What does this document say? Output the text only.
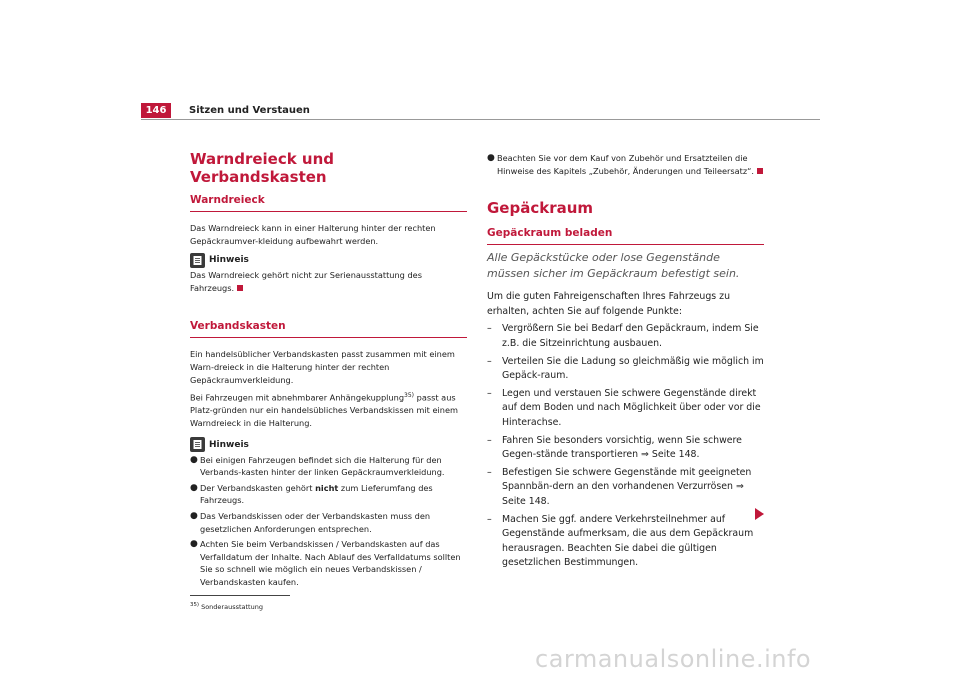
146	Sitzen und Verstauen
Warndreieck und Verbandskasten
Warndreieck

Das Warndreieck kann in einer Halterung hinter der rechten Gepäckraumver-kleidung aufbewahrt werden.

Hinweis

Das Warndreieck gehört nicht zur Serienausstattung des Fahrzeugs.

Verbandskasten

Ein handelsüblicher Verbandskasten passt zusammen mit einem Warn-dreieck in die Halterung hinter der rechten Gepäckraumverkleidung.

Bei Fahrzeugen mit abnehmbarer Anhängekupplung$^{35)}$ passt aus Platz-gründen nur ein handelsübliches Verbandskissen mit einem Warndreieck in die Halterung.

Hinweis
● Bei einigen Fahrzeugen befindet sich die Halterung für den Verbands-kasten hinter der linken Gepäckraumverkleidung.
● Der Verbandskasten gehört nicht zum Lieferumfang des Fahrzeugs.
● Das Verbandskissen oder der Verbandskasten muss den gesetzlichen Anforderungen entsprechen.
● Achten Sie beim Verbandskissen / Verbandskasten auf das Verfalldatum der Inhalte. Nach Ablauf des Verfalldatums sollten Sie so schnell wie möglich ein neues Verbandskissen / Verbandskasten kaufen.
$^{35)}$ Sonderausstattung
● Beachten Sie vor dem Kauf von Zubehör und Ersatzteilen die Hinweise des Kapitels „Zubehör, Änderungen und Teileersatz“.
Gepäckraum
Gepäckraum beladen

Alle Gepäckstücke oder lose Gegenstände müssen sicher im Gepäckraum befestigt sein.

Um die guten Fahreigenschaften Ihres Fahrzeugs zu erhalten, achten Sie auf folgende Punkte:

–	Vergrößern Sie bei Bedarf den Gepäckraum, indem Sie z.B. die Sitzeinrichtung ausbauen.
–	Verteilen Sie die Ladung so gleichmäßig wie möglich im Gepäck-raum.
–	Legen und verstauen Sie schwere Gegenstände direkt auf dem Boden und nach Möglichkeit über oder vor die Hinterachse.
–	Fahren Sie besonders vorsichtig, wenn Sie schwere Gegen-stände transportieren ⇒ Seite 148.
–	Befestigen Sie schwere Gegenstände mit geeigneten Spannbän-dern an den vorhandenen Verzurrösen ⇒ Seite 148.
–	Machen Sie ggf. andere Verkehrsteilnehmer auf Gegenstände aufmerksam, die aus dem Gepäckraum herausragen. Beachten Sie dabei die gültigen gesetzlichen Bestimmungen.
carmanualsonline.info
